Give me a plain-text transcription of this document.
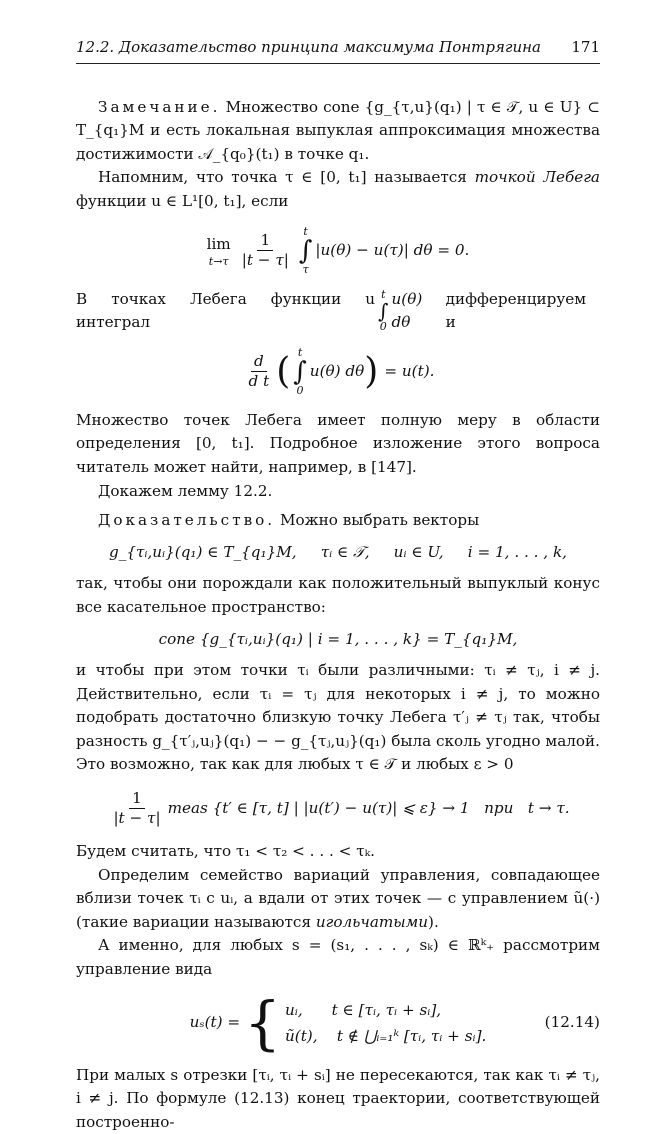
12.2. Доказательство принципа максимума Понтрягина 171

Замечание. Множество cone {g_{τ,u}(q₁) | τ ∈ 𝒯, u ∈ U} ⊂ T_{q₁}M и есть локальная выпуклая аппроксимация множества достижимости 𝒜_{q₀}(t₁) в точке q₁.

Напомним, что точка τ ∈ [0, t₁] называется точкой Лебега функции u ∈ L¹[0, t₁], если

lim
$t\to\tau \frac{1}{|t - \tau|}$ t
∫
τ
|u(θ) − u(τ)| dθ = 0.

В точках Лебега функции u интеграл
t
∫
0
u(θ) dθ
дифференцируем и

$\frac{d}{\text{d t}}$ ( t
∫
0
u(θ) dθ ) = u(t).

Множество точек Лебега имеет полную меру в области определения [0, t₁]. Подробное изложение этого вопроса читатель может найти, например, в [147].

Докажем лемму 12.2.

Доказательство. Можно выбрать векторы

g_{τᵢ,uᵢ}(q₁) ∈ T_{q₁}M,     τᵢ ∈ 𝒯,     uᵢ ∈ U,     i = 1, . . . , k,

так, чтобы они порождали как положительный выпуклый конус все касательное пространство:

cone {g_{τᵢ,uᵢ}(q₁) | i = 1, . . . , k} = T_{q₁}M,

и чтобы при этом точки τᵢ были различными: τᵢ ≠ τⱼ, i ≠ j. Действительно, если τᵢ = τⱼ для некоторых i ≠ j, то можно подобрать достаточно близкую точку Лебега τ′ⱼ ≠ τⱼ так, чтобы разность g_{τ′ⱼ,uⱼ}(q₁) − − g_{τⱼ,uⱼ}(q₁) была сколь угодно малой. Это возможно, так как для любых τ ∈ 𝒯 и любых ε > 0

$\frac{1}{|t - \tau|}$ meas {t′ ∈ [τ, t] | |u(t′) − u(τ)| ⩽ ε} → 1   при   t → τ.

Будем считать, что τ₁ < τ₂ < . . . < τₖ.

Определим семейство вариаций управления, совпадающее вблизи точек τᵢ с uᵢ, а вдали от этих точек — с управлением ũ(·) (такие вариации называются игольчатыми).

А именно, для любых s = (s₁, . . . , sₖ) ∈ ℝᵏ₊ рассмотрим управление вида

uₛ(t) = { uᵢ,      t ∈ [τᵢ, τᵢ + sᵢ],
ũ(t),    t ∉ ⋃ᵢ₌₁ᵏ [τᵢ, τᵢ + sᵢ].
(12.14)

При малых s отрезки [τᵢ, τᵢ + sᵢ] не пересекаются, так как τᵢ ≠ τⱼ, i ≠ j. По формуле (12.13) конец траектории, соответствующей построенно-
